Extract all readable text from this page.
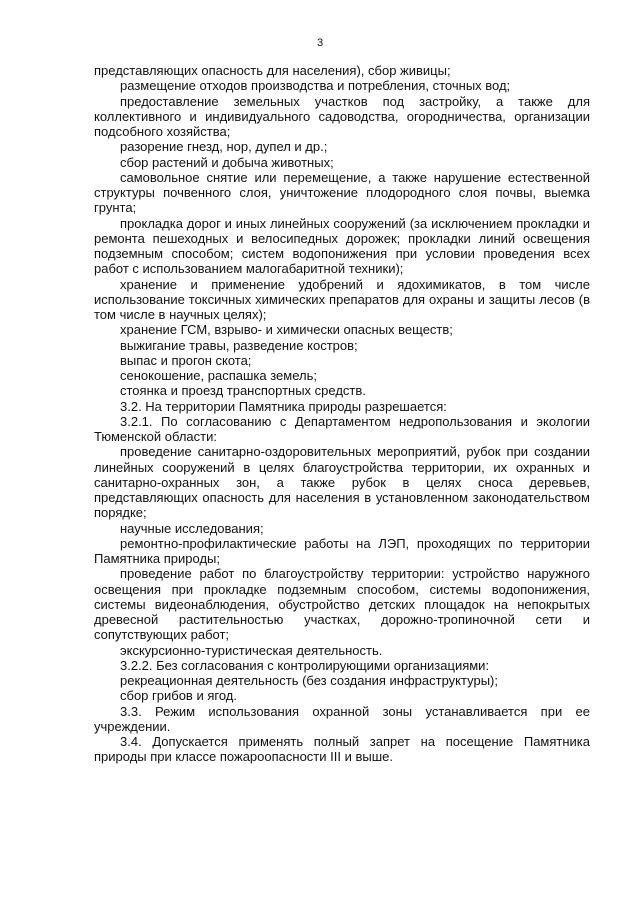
3

представляющих опасность для населения), сбор живицы;

размещение отходов производства и потребления, сточных вод;

предоставление земельных участков под застройку, а также для коллективного и индивидуального садоводства, огородничества, организации подсобного хозяйства;

разорение гнезд, нор, дупел и др.;

сбор растений и добыча животных;

самовольное снятие или перемещение, а также нарушение естественной структуры почвенного слоя, уничтожение плодородного слоя почвы, выемка грунта;

прокладка дорог и иных линейных сооружений (за исключением прокладки и ремонта пешеходных и велосипедных дорожек; прокладки линий освещения подземным способом; систем водопонижения при условии проведения всех работ с использованием малогабаритной техники);

хранение и применение удобрений и ядохимикатов, в том числе использование токсичных химических препаратов для охраны и защиты лесов (в том числе в научных целях);

хранение ГСМ, взрыво- и химически опасных веществ;

выжигание травы, разведение костров;

выпас и прогон скота;

сенокошение, распашка земель;

стоянка и проезд транспортных средств.

3.2. На территории Памятника природы разрешается:

3.2.1. По согласованию с Департаментом недропользования и экологии Тюменской области:

проведение санитарно-оздоровительных мероприятий, рубок при создании линейных сооружений в целях благоустройства территории, их охранных и санитарно-охранных зон, а также рубок в целях сноса деревьев, представляющих опасность для населения в установленном законодательством порядке;

научные исследования;

ремонтно-профилактические работы на ЛЭП, проходящих по территории Памятника природы;

проведение работ по благоустройству территории: устройство наружного освещения при прокладке подземным способом, системы водопонижения, системы видеонаблюдения, обустройство детских площадок на непокрытых древесной растительностью участках, дорожно-тропиночной сети и сопутствующих работ;

экскурсионно-туристическая деятельность.

3.2.2. Без согласования с контролирующими организациями:

рекреационная деятельность (без создания инфраструктуры);

сбор грибов и ягод.

3.3. Режим использования охранной зоны устанавливается при ее учреждении.

3.4. Допускается применять полный запрет на посещение Памятника природы при классе пожароопасности III и выше.
